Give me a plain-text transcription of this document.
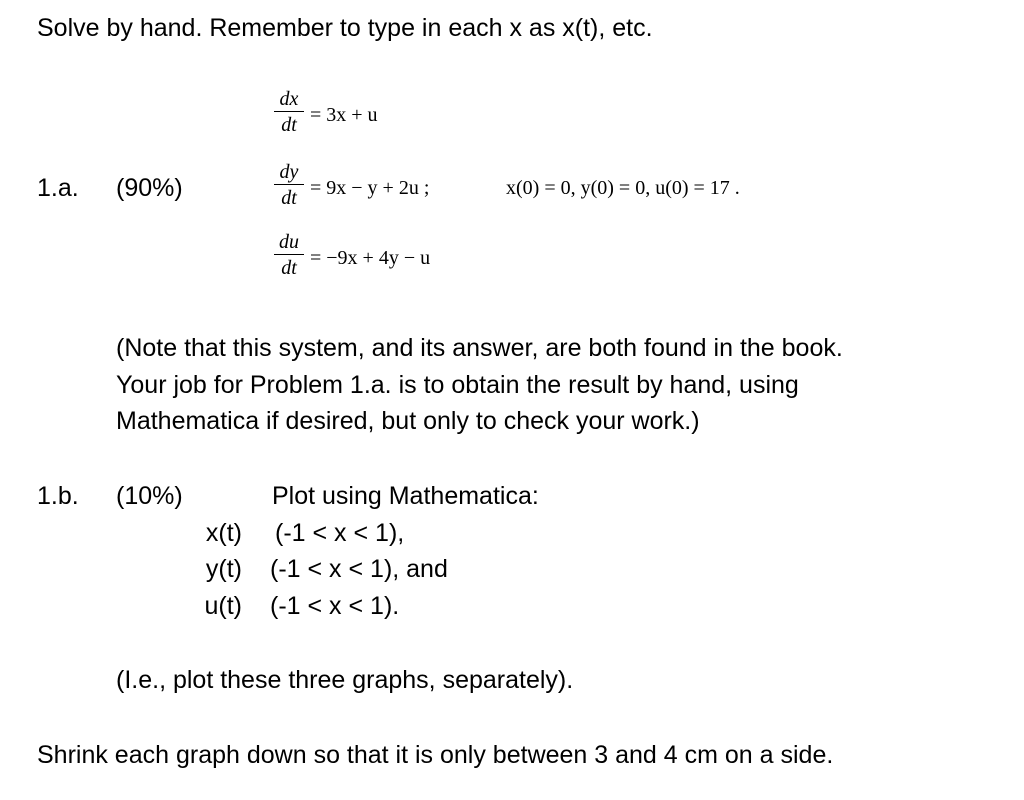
Solve by hand. Remember to type in each x as x(t), etc.
1.a. (90%)
dx
dt = 3x + u
dy
dt = 9x − y + 2u ;	x(0) = 0, y(0) = 0, u(0) = 17 .
du
dt = −9x + 4y − u
(Note that this system, and its answer, are both found in the book.
Your job for Problem 1.a. is to obtain the result by hand, using
Mathematica if desired, but only to check your work.)
1.b. (10%)	Plot using Mathematica:
x(t) (-1 < x < 1),
y(t) (-1 < x < 1), and
u(t) (-1 < x < 1).
(I.e., plot these three graphs, separately).
Shrink each graph down so that it is only between 3 and 4 cm on a side.
